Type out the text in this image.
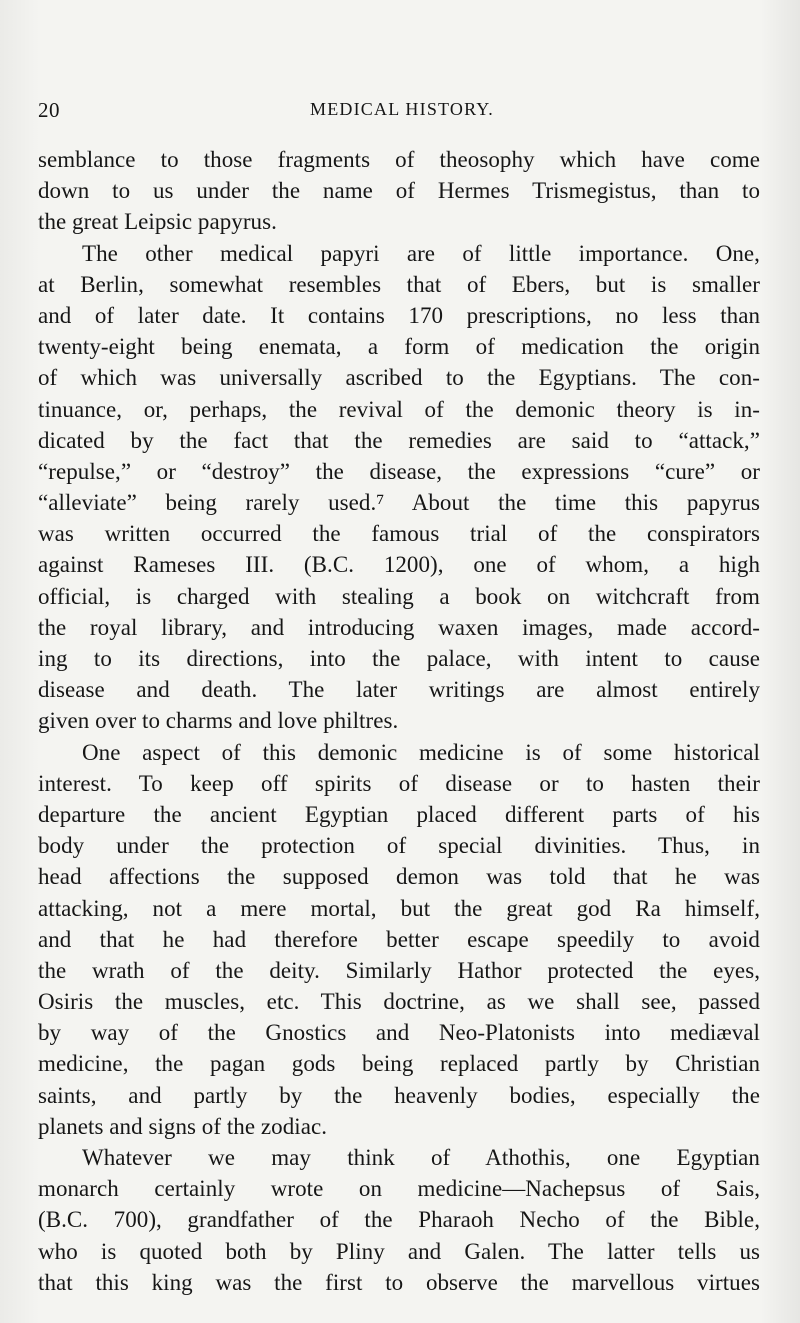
20	MEDICAL HISTORY.
semblance to those fragments of theosophy which have come
down to us under the name of Hermes Trismegistus, than to
the great Leipsic papyrus.
The other medical papyri are of little importance. One,
at Berlin, somewhat resembles that of Ebers, but is smaller
and of later date. It contains 170 prescriptions, no less than
twenty-eight being enemata, a form of medication the origin
of which was universally ascribed to the Egyptians. The con-
tinuance, or, perhaps, the revival of the demonic theory is in-
dicated by the fact that the remedies are said to “attack,”
“repulse,” or “destroy” the disease, the expressions “cure” or
“alleviate” being rarely used.⁷ About the time this papyrus
was written occurred the famous trial of the conspirators
against Rameses III. (B.C. 1200), one of whom, a high
official, is charged with stealing a book on witchcraft from
the royal library, and introducing waxen images, made accord-
ing to its directions, into the palace, with intent to cause
disease and death. The later writings are almost entirely
given over to charms and love philtres.
One aspect of this demonic medicine is of some historical
interest. To keep off spirits of disease or to hasten their
departure the ancient Egyptian placed different parts of his
body under the protection of special divinities. Thus, in
head affections the supposed demon was told that he was
attacking, not a mere mortal, but the great god Ra himself,
and that he had therefore better escape speedily to avoid
the wrath of the deity. Similarly Hathor protected the eyes,
Osiris the muscles, etc. This doctrine, as we shall see, passed
by way of the Gnostics and Neo-Platonists into mediæval
medicine, the pagan gods being replaced partly by Christian
saints, and partly by the heavenly bodies, especially the
planets and signs of the zodiac.
Whatever we may think of Athothis, one Egyptian
monarch certainly wrote on medicine—Nachepsus of Sais,
(B.C. 700), grandfather of the Pharaoh Necho of the Bible,
who is quoted both by Pliny and Galen. The latter tells us
that this king was the first to observe the marvellous virtues
